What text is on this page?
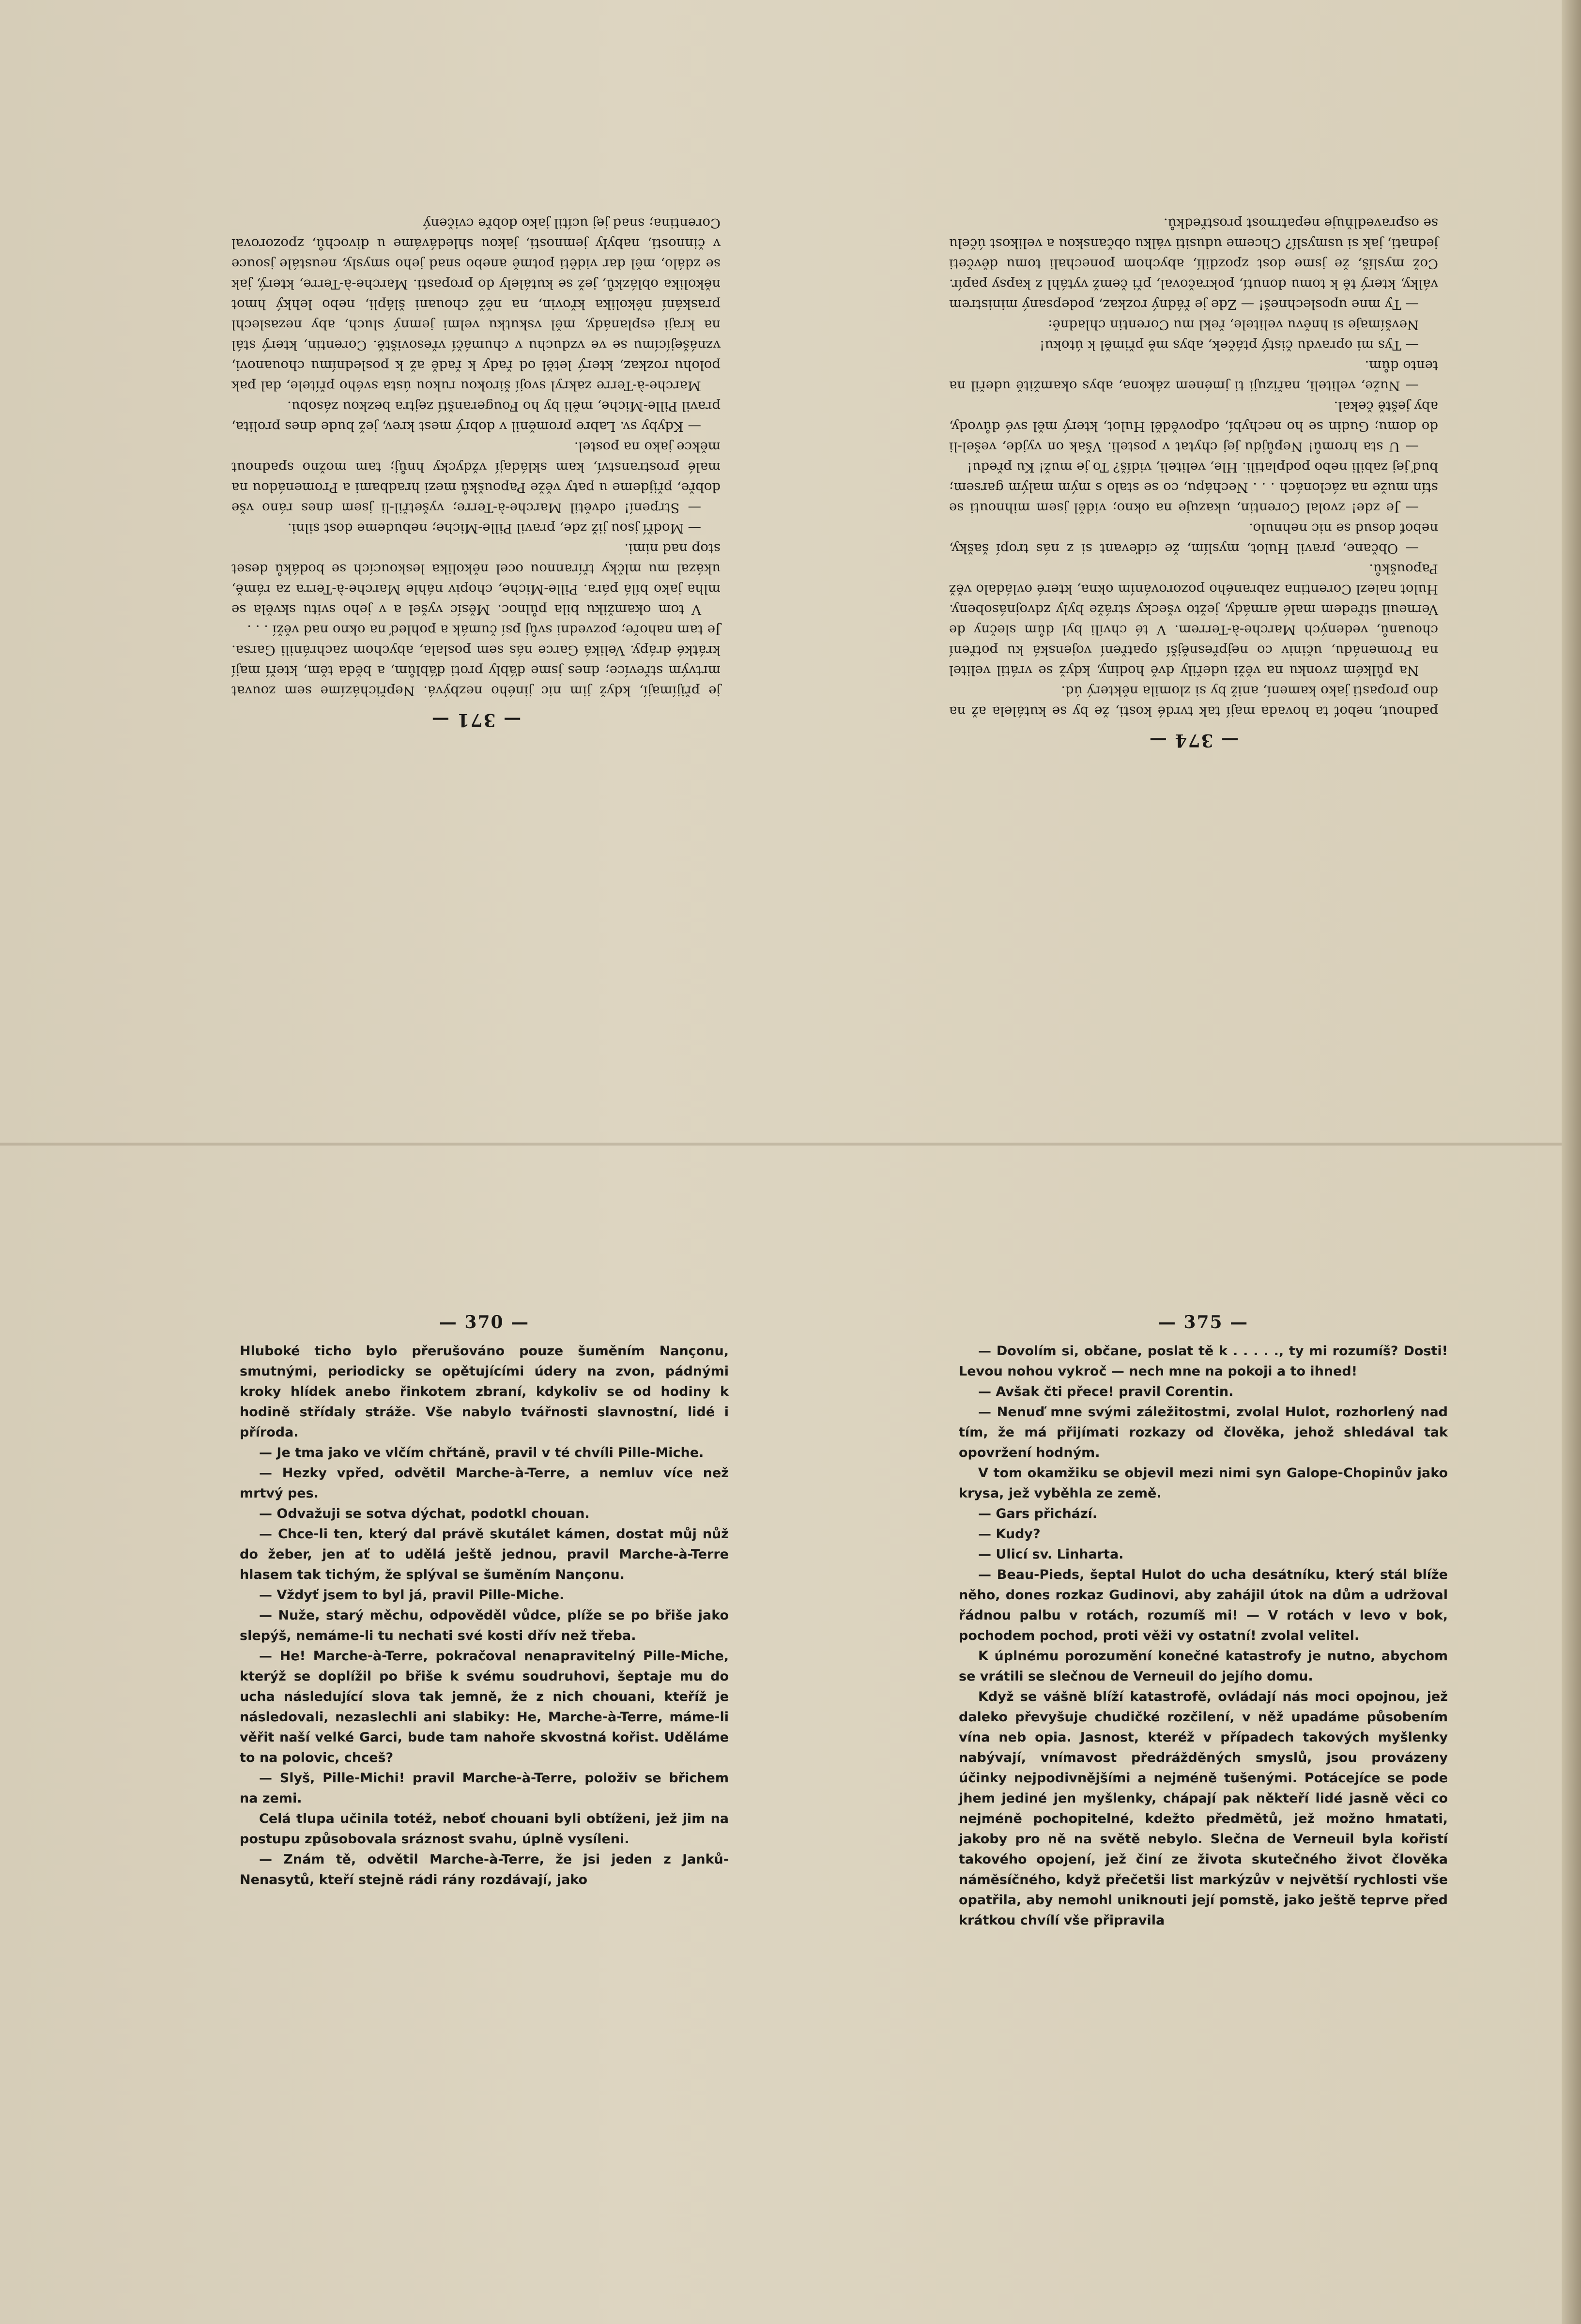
— 371 —

je přijímají, když jim nic jiného nezbývá. Nepřicházíme sem zouvat mrtvým střevíce; dnes jsme ďábly proti ďáblům, a běda těm, kteří mají krátké drápy. Veliká Garce nás sem poslala, abychom zachránili Garsa. Je tam nahoře; pozvedni svůj psí čumák a pohleď na okno nad věží . . .

V tom okamžiku bila půlnoc. Měsíc vyšel a v jeho svitu skvěla se mlha jako bílá pára. Pille-Miche, chopiv náhle Marche-à-Terra za rámě, ukázal mu mlčky třírannou ocel několika leskoucích se bodáků deset stop nad nimi.

— Modří jsou již zde, pravil Pille-Miche; nebudeme dost silni.

— Strpení! odvětil Marche-à-Terre; vyšetřil-li jsem dnes ráno vše dobře, přijdeme u paty věže Papoušků mezi hradbami a Promenádou na malé prostranství, kam skládají vždycky hnůj; tam možno spadnout měkce jako na postel.

— Kdyby sv. Labre proměnil v dobrý mest krev, jež bude dnes prolita, pravil Pille-Miche, měli by ho Fougeranští zejtra bezkou zásobu.

Marche-à-Terre zakryl svojí širokou rukou ústa svého přítele, dal pak polohu rozkaz, který letěl od řady k řadě až k poslednímu chouanovi, vznášejícímu se ve vzduchu v chumáčí vřesoviště. Corentin, který stál na kraji esplanády, měl vskutku velmi jemný sluch, aby nezaslechl praskání několika křovin, na něž chouani šlápli, nebo lehký hmot několika oblázků, jež se kutálely do propasti. Marche-à-Terre, který, jak se zdálo, měl dar viděti potmě anebo snad jeho smysly, neustále jsouce v činnosti, nabyly jemnosti, jakou shledáváme u divochů, zpozoroval Corentina; snad jej ucítil jako dobře cvičený

— 374 —

padnout, neboť ta hovada mají tak tvrdé kosti, že by se kutálela až na dno propasti jako kamení, aniž by si zlomila některý úd.

Na půlkém zvonku na věži udeřily dvě hodiny, když se vrátil velitel na Promenádu, učiniv co nejpřesnější opatření vojenská ku potření chouanů, vedených Marche-à-Terrem. V té chvíli byl dům slečny de Verneuil středem malé armády, ježto všecky stráže byly zdvojnásobeny. Hulot nalezl Corentina zabraného pozorováním okna, které ovládalo věž Papoušků.

— Občane, pravil Hulot, myslím, že ciďevant si z nás tropí šašky, neboť dosud se nic nehnulo.

— Je zde! zvolal Corentin, ukazuje na okno; viděl jsem mihnouti se stín muže na záclonách . . . Nechápu, co se stalo s mým malým garsem; buď jej zabili nebo podplatili. Hle, veliteli, vidíš? To je muž! Ku předu!

— U sta hromů! Nepůjdu jej chytat v posteli. Však on vyjde, vešel-li do domu; Gudin se ho nechybí, odpověděl Hulot, který měl své důvody, aby ještě čekal.

— Nuže, veliteli, nařizuji ti jménem zákona, abys okamžitě udeřil na tento dům.

— Tys mi opravdu čistý ptáček, abys mě přiměl k útoku!

Nevšímaje si hněvu velitele, řekl mu Corentin chladně:

— Ty mne uposlechneš! — Zde je řádný rozkaz, podepsaný ministrem války, který tě k tomu donutí, pokračoval, při čemž vytáhl z kapsy papír. Což myslíš, že jsme dost zpozdilí, abychom ponechali tomu děvčeti jednati, jak si usmyslí? Chceme udusiti válku občanskou a velikost účelu se ospravedlňuje nepatrnost prostředků.

— 370 —

Hluboké ticho bylo přerušováno pouze šuměním Nançonu, smutnými, periodicky se opětujícími údery na zvon, pádnými kroky hlídek anebo řinkotem zbraní, kdykoliv se od hodiny k hodině střídaly stráže. Vše nabylo tvářnosti slavnostní, lidé i příroda.

— Je tma jako ve vlčím chřtáně, pravil v té chvíli Pille-Miche.

— Hezky vpřed, odvětil Marche-à-Terre, a nemluv více než mrtvý pes.

— Odvažuji se sotva dýchat, podotkl chouan.

— Chce-li ten, který dal právě skutálet kámen, dostat můj nůž do žeber, jen ať to udělá ještě jednou, pravil Marche-à-Terre hlasem tak tichým, že splýval se šuměním Nançonu.

— Vždyť jsem to byl já, pravil Pille-Miche.

— Nuže, starý měchu, odpověděl vůdce, plíže se po břiše jako slepýš, nemáme-li tu nechati své kosti dřív než třeba.

— He! Marche-à-Terre, pokračoval nenapravitelný Pille-Miche, kterýž se doplížil po břiše k svému soudruhovi, šeptaje mu do ucha následující slova tak jemně, že z nich chouani, kteříž je následovali, nezaslechli ani slabiky: He, Marche-à-Terre, máme-li věřit naší velké Garci, bude tam nahoře skvostná kořist. Uděláme to na polovic, chceš?

— Slyš, Pille-Michi! pravil Marche-à-Terre, položiv se břichem na zemi.

Celá tlupa učinila totéž, neboť chouani byli obtíženi, jež jim na postupu způsobovala sráznost svahu, úplně vysíleni.

— Znám tě, odvětil Marche-à-Terre, že jsi jeden z Janků-Nenasytů, kteří stejně rádi rány rozdávají, jako

— 375 —

— Dovolím si, občane, poslat tě k . . . . ., ty mi rozumíš? Dosti! Levou nohou vykroč — nech mne na pokoji a to ihned!

— Avšak čti přece! pravil Corentin.

— Nenuď mne svými záležitostmi, zvolal Hulot, rozhorlený nad tím, že má přijímati rozkazy od člověka, jehož shledával tak opovržení hodným.

V tom okamžiku se objevil mezi nimi syn Galope-Chopinův jako krysa, jež vyběhla ze země.

— Gars přichází.

— Kudy?

— Ulicí sv. Linharta.

— Beau-Pieds, šeptal Hulot do ucha desátníku, který stál blíže něho, dones rozkaz Gudinovi, aby zahájil útok na dům a udržoval řádnou palbu v rotách, rozumíš mi! — V rotách v levo v bok, pochodem pochod, proti věži vy ostatní! zvolal velitel.

K úplnému porozumění konečné katastrofy je nutno, abychom se vrátili se slečnou de Verneuil do jejího domu.

Když se vášně blíží katastrofě, ovládají nás moci opojnou, jež daleko převyšuje chudičké rozčilení, v něž upadáme působením vína neb opia. Jasnost, kteréž v případech takových myšlenky nabývají, vnímavost předrážděných smyslů, jsou provázeny účinky nejpodivnějšími a nejméně tušenými. Potácejíce se pode jhem jediné jen myšlenky, chápají pak někteří lidé jasně věci co nejméně pochopitelné, kdežto předmětů, jež možno hmatati, jakoby pro ně na světě nebylo. Slečna de Verneuil byla kořistí takového opojení, jež činí ze života skutečného život člověka náměsíčného, když přečetši list markýzův v největší rychlosti vše opatřila, aby nemohl uniknouti její pomstě, jako ještě teprve před krátkou chvílí vše připravila
